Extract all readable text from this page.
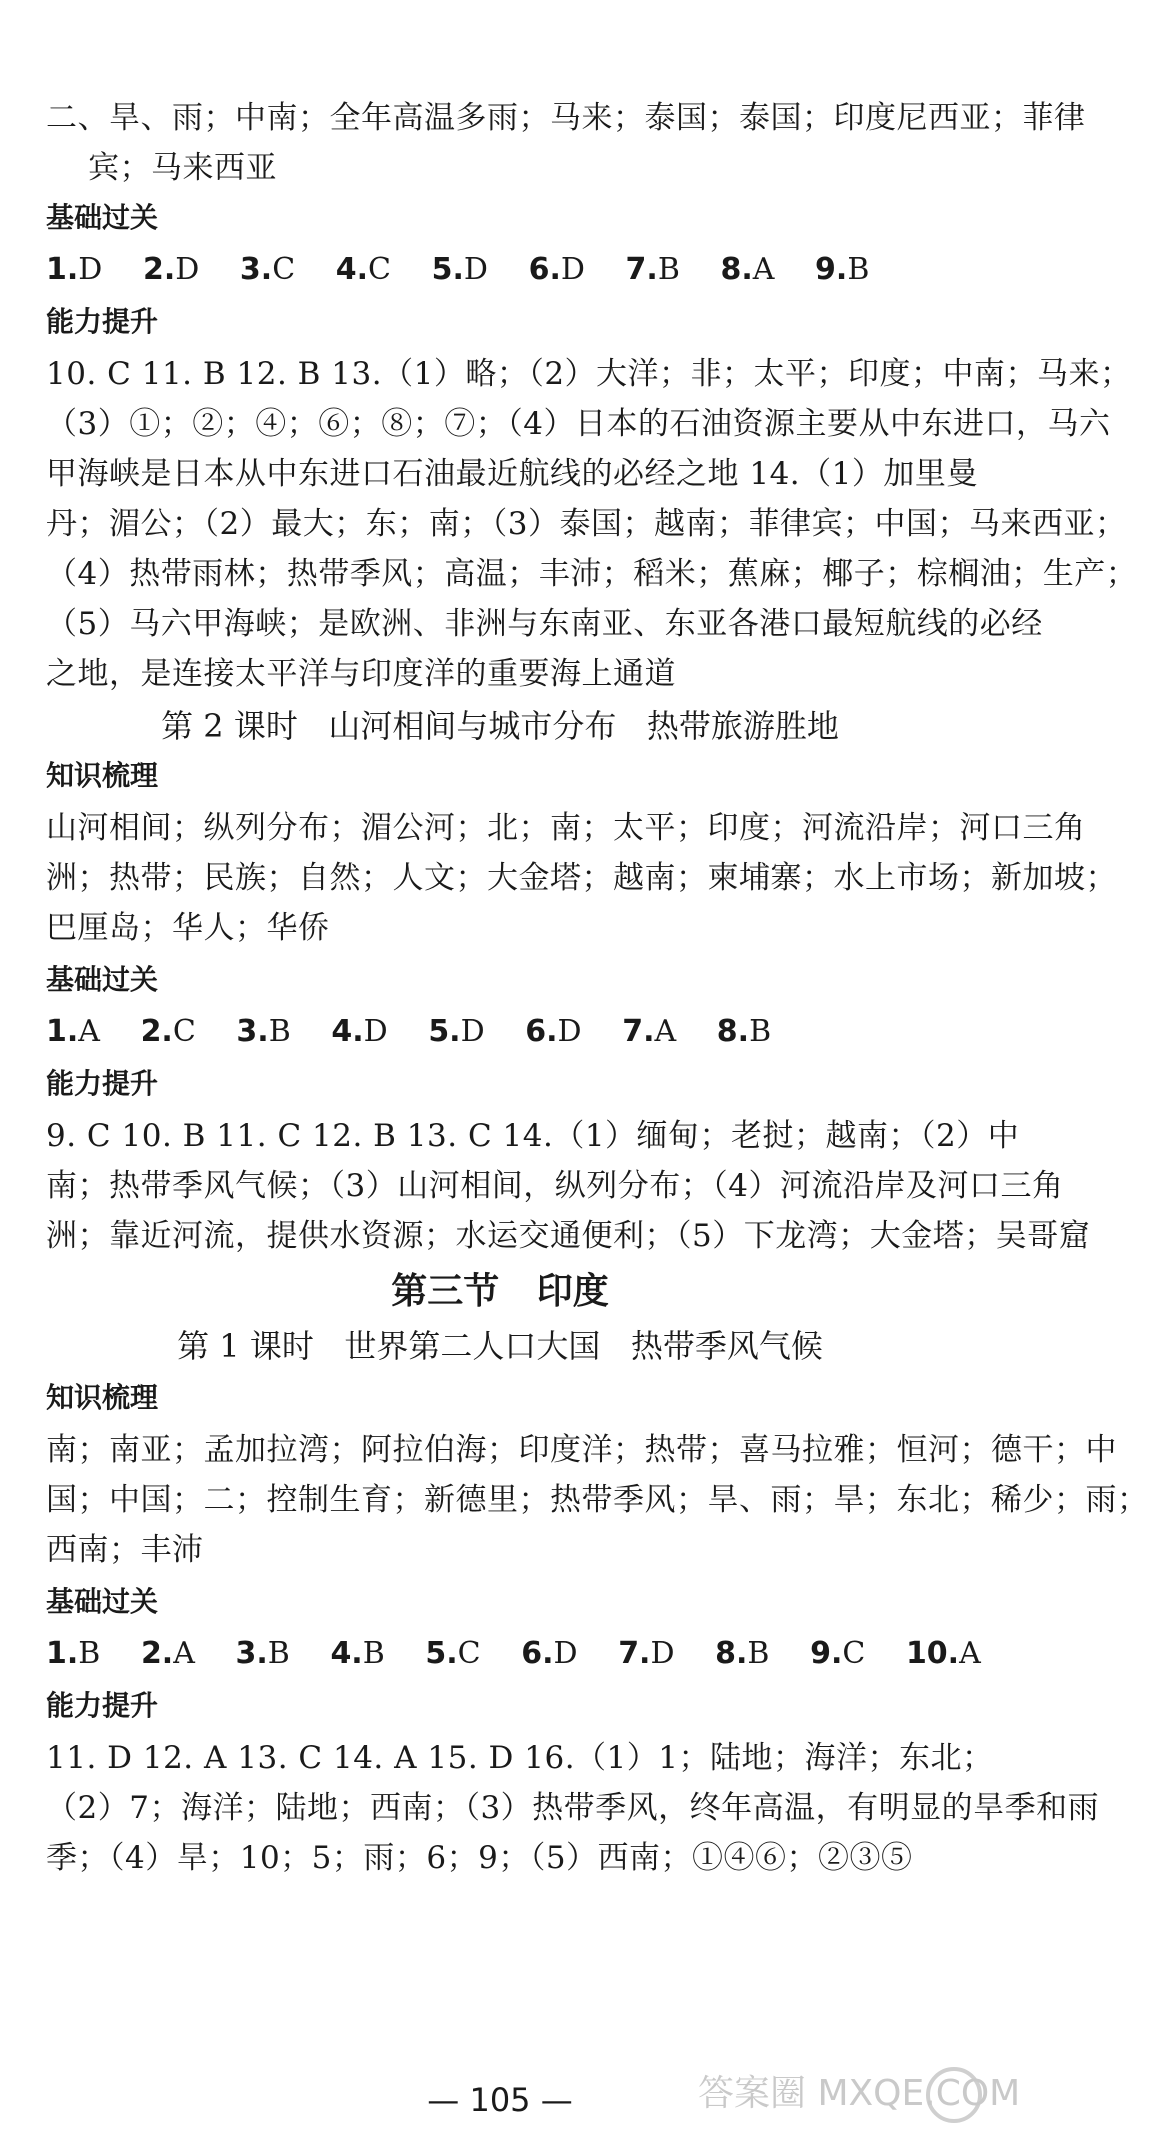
二、旱、雨；中南；全年高温多雨；马来；泰国；泰国；印度尼西亚；菲律
宾；马来西亚
基础过关
1.D 2.D 3.C 4.C 5.D 6.D 7.B 8.A 9.B
能力提升
10. C 11. B 12. B 13.（1）略；（2）大洋；非；太平；印度；中南；马来；
（3）①；②；④；⑥；⑧；⑦；（4）日本的石油资源主要从中东进口，马六
甲海峡是日本从中东进口石油最近航线的必经之地 14.（1）加里曼
丹；湄公；（2）最大；东；南；（3）泰国；越南；菲律宾；中国；马来西亚；
（4）热带雨林；热带季风；高温；丰沛；稻米；蕉麻；椰子；棕榈油；生产；
（5）马六甲海峡；是欧洲、非洲与东南亚、东亚各港口最短航线的必经
之地，是连接太平洋与印度洋的重要海上通道
第 2 课时   山河相间与城市分布   热带旅游胜地
知识梳理
山河相间；纵列分布；湄公河；北；南；太平；印度；河流沿岸；河口三角
洲；热带；民族；自然；人文；大金塔；越南；柬埔寨；水上市场；新加坡；
巴厘岛；华人；华侨
基础过关
1.A 2.C 3.B 4.D 5.D 6.D 7.A 8.B
能力提升
9. C 10. B 11. C 12. B 13. C 14.（1）缅甸；老挝；越南；（2）中
南；热带季风气候；（3）山河相间，纵列分布；（4）河流沿岸及河口三角
洲；靠近河流，提供水资源；水运交通便利；（5）下龙湾；大金塔；吴哥窟
第三节   印度
第 1 课时   世界第二人口大国   热带季风气候
知识梳理
南；南亚；孟加拉湾；阿拉伯海；印度洋；热带；喜马拉雅；恒河；德干；中
国；中国；二；控制生育；新德里；热带季风；旱、雨；旱；东北；稀少；雨；
西南；丰沛
基础过关
1.B 2.A 3.B 4.B 5.C 6.D 7.D 8.B 9.C 10.A
能力提升
11. D 12. A 13. C 14. A 15. D 16.（1）1；陆地；海洋；东北；
（2）7；海洋；陆地；西南；（3）热带季风，终年高温，有明显的旱季和雨
季；（4）旱；10；5；雨；6；9；（5）西南；①④⑥；②③⑤
— 105 —	答案圈 MXQE.COM
